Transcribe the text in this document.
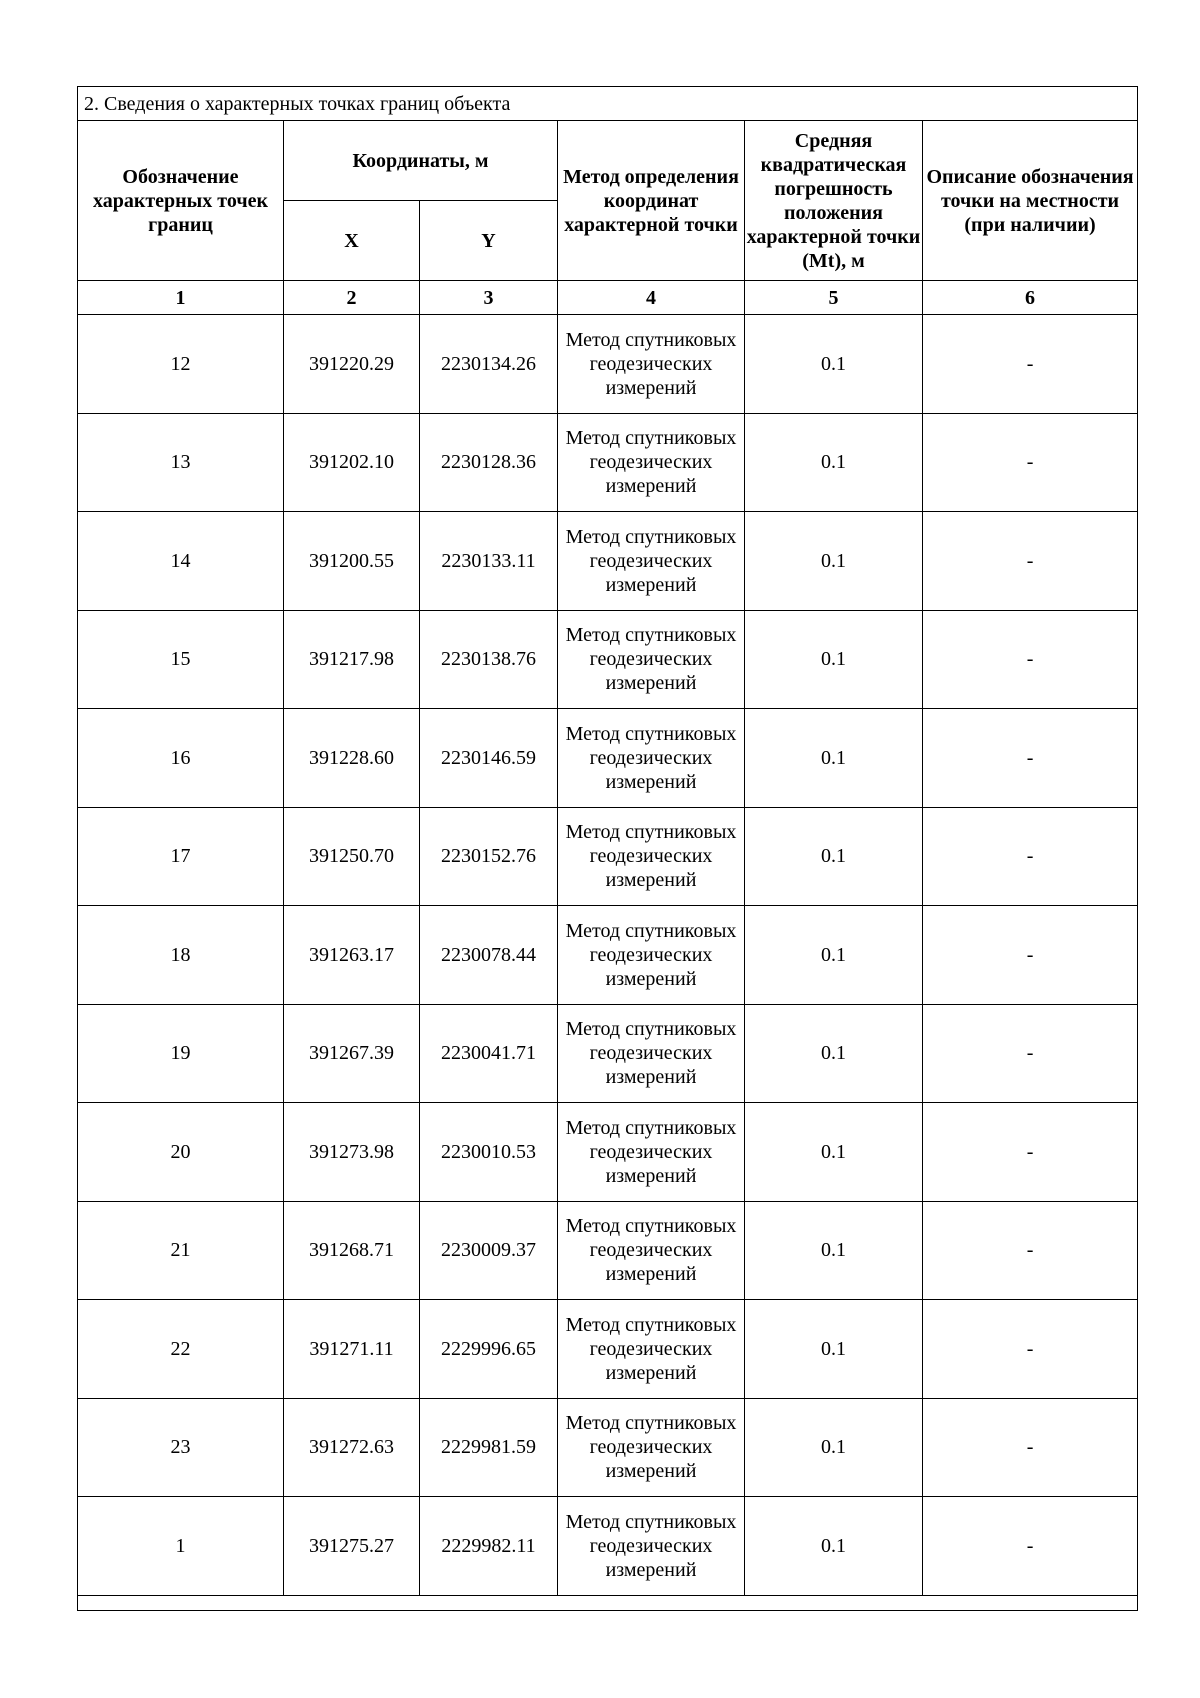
2. Сведения о характерных точках границ объекта					
Обозначение характерных точек границ	Координаты, м		Метод определения координат характерной точки	Средняя квадратическая погрешность положения характерной точки (Mt), м	Описание обозначения точки на местности (при наличии)
	X	Y			
1	2	3	4	5	6
12	391220.29	2230134.26	Метод спутниковых геодезических измерений	0.1	-
13	391202.10	2230128.36	Метод спутниковых геодезических измерений	0.1	-
14	391200.55	2230133.11	Метод спутниковых геодезических измерений	0.1	-
15	391217.98	2230138.76	Метод спутниковых геодезических измерений	0.1	-
16	391228.60	2230146.59	Метод спутниковых геодезических измерений	0.1	-
17	391250.70	2230152.76	Метод спутниковых геодезических измерений	0.1	-
18	391263.17	2230078.44	Метод спутниковых геодезических измерений	0.1	-
19	391267.39	2230041.71	Метод спутниковых геодезических измерений	0.1	-
20	391273.98	2230010.53	Метод спутниковых геодезических измерений	0.1	-
21	391268.71	2230009.37	Метод спутниковых геодезических измерений	0.1	-
22	391271.11	2229996.65	Метод спутниковых геодезических измерений	0.1	-
23	391272.63	2229981.59	Метод спутниковых геодезических измерений	0.1	-
1	391275.27	2229982.11	Метод спутниковых геодезических измерений	0.1	-
